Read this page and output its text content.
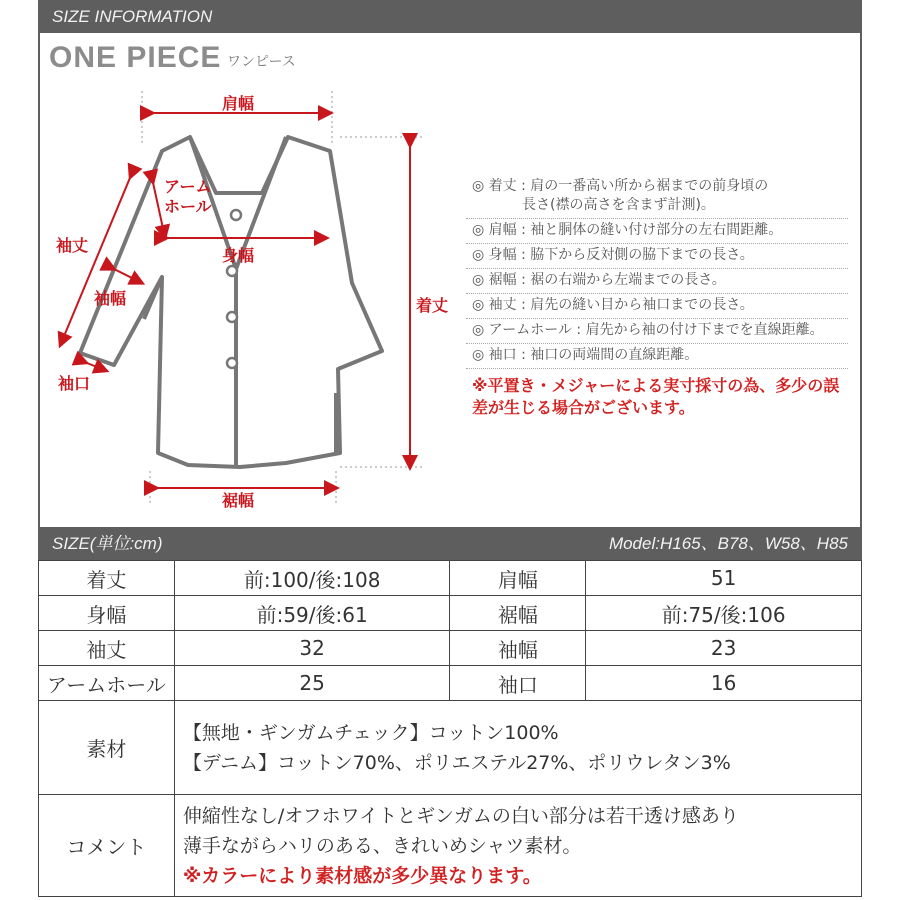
SIZE INFORMATION
ONE PIECE ワンピース
肩幅
アーム
ホール
身幅
袖丈
袖幅
袖口
着丈
裾幅
◎ 着丈 : 肩の一番高い所から裾までの前身頃の
長さ(襟の高さを含まず計測)。
◎ 肩幅 : 袖と胴体の縫い付け部分の左右間距離。
◎ 身幅 : 脇下から反対側の脇下までの長さ。
◎ 裾幅 : 裾の右端から左端までの長さ。
◎ 袖丈 : 肩先の縫い目から袖口までの長さ。
◎ アームホール : 肩先から袖の付け下までを直線距離。
◎ 袖口 : 袖口の両端間の直線距離。
※平置き・メジャーによる実寸採寸の為、多少の誤差が生じる場合がございます。
SIZE(単位:cm)	Model:H165、B78、W58、H85
着丈	前:100/後:108	肩幅	51
身幅	前:59/後:61	裾幅	前:75/後:106
袖丈	32	袖幅	23
アームホール	25	袖口	16
素材	【無地・ギンガムチェック】コットン100%
【デニム】コットン70%、ポリエステル27%、ポリウレタン3%		

コメント	伸縮性なし/オフホワイトとギンガムの白い部分は若干透け感あり
薄手ながらハリのある、きれいめシャツ素材。
※カラーにより素材感が多少異なります。		
